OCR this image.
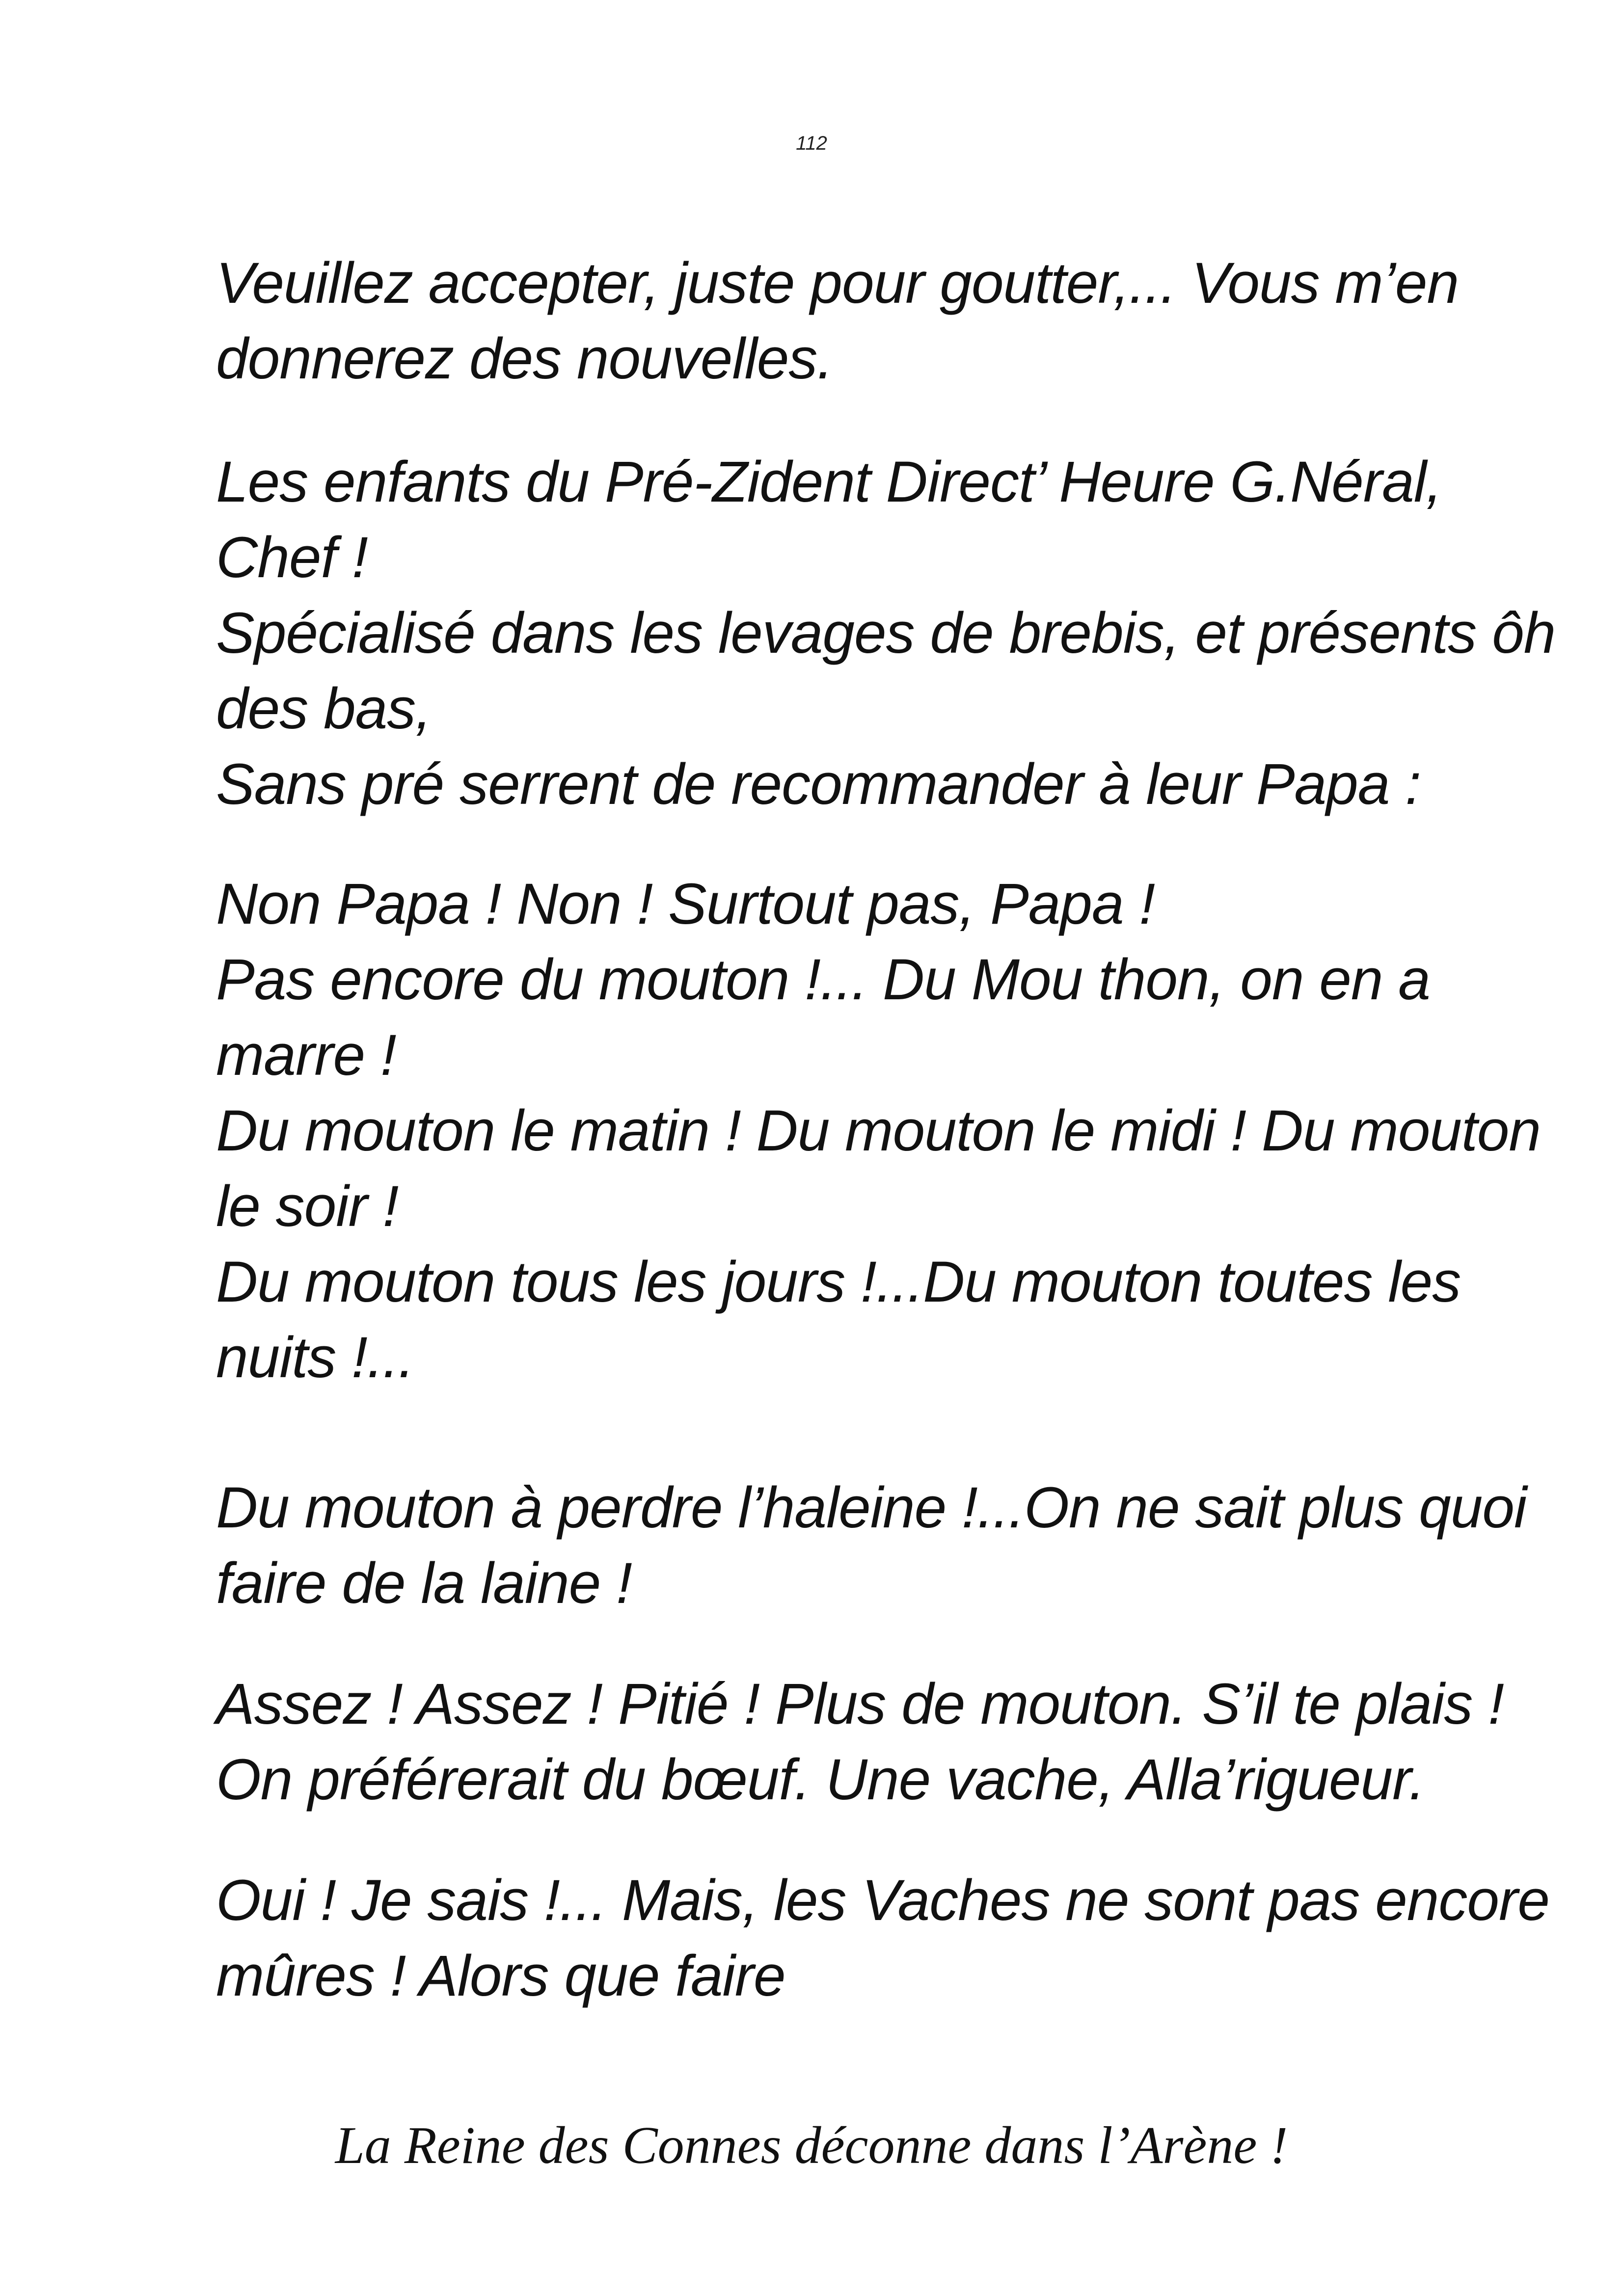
112

Veuillez accepter, juste pour goutter,... Vous m’en
donnerez des nouvelles.

Les enfants du Pré-Zident Direct’ Heure G.Néral,
Chef !
Spécialisé dans les levages de brebis, et présents ôh
des bas,
Sans pré serrent de recommander à leur Papa :

Non Papa ! Non ! Surtout pas, Papa !
Pas encore du mouton !... Du Mou thon, on en a
marre !
Du mouton le matin ! Du mouton le midi ! Du mouton
le soir !
Du mouton tous les jours !...Du mouton toutes les
nuits !...

Du mouton à perdre l’haleine !...On ne sait plus quoi
faire de la laine !

Assez ! Assez ! Pitié ! Plus de mouton. S’il te plais !
On préférerait du bœuf. Une vache, Alla’rigueur.

Oui ! Je sais !... Mais, les Vaches ne sont pas encore
mûres ! Alors que faire

La Reine des Connes déconne dans l’Arène !
